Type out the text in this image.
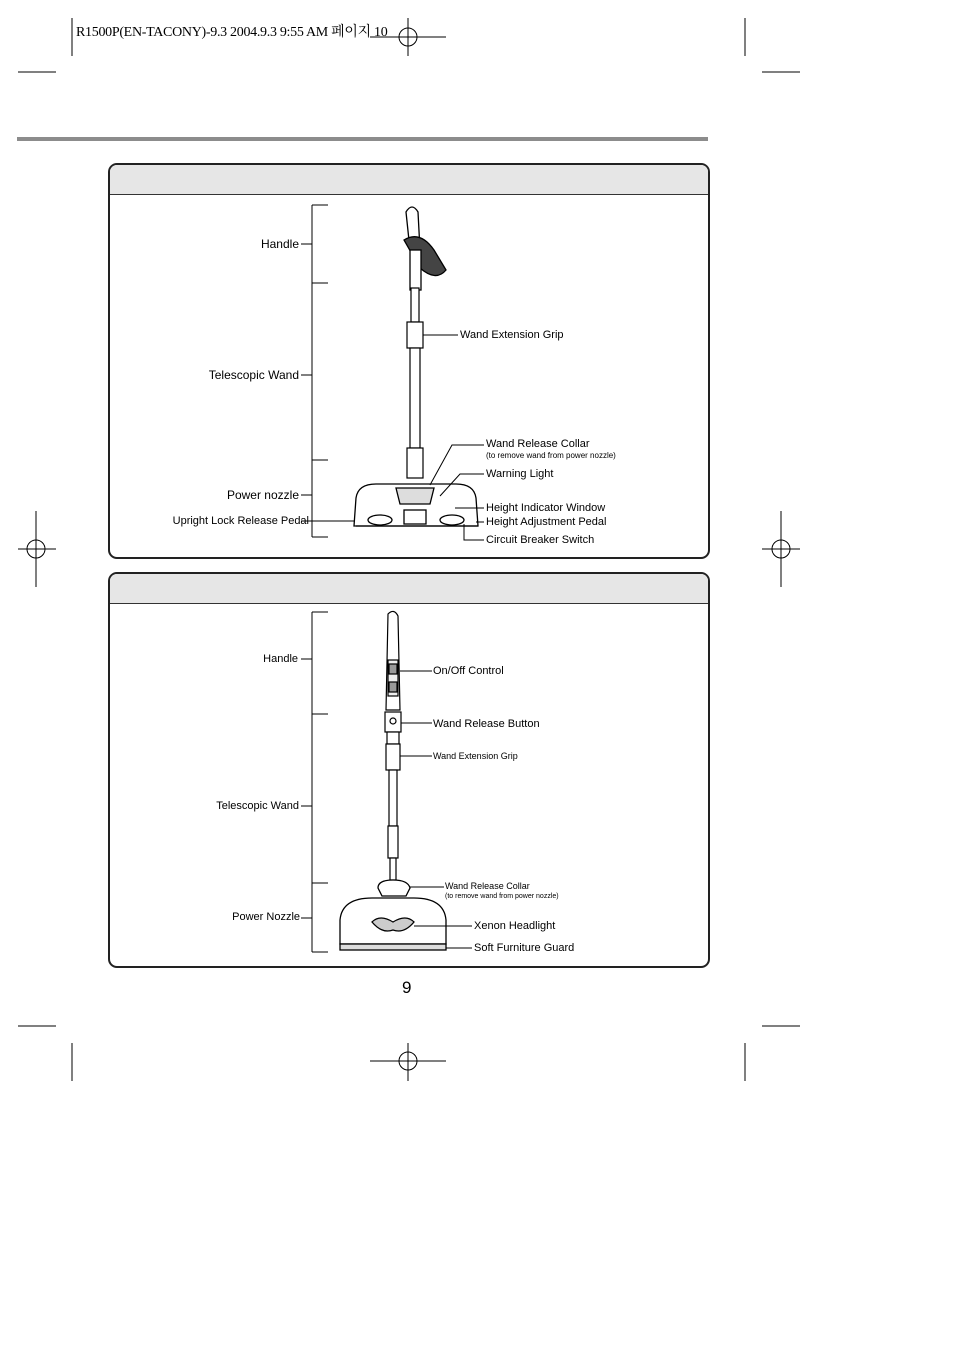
R1500P(EN-TACONY)-9.3 2004.9.3 9:55 AM 페이지 10
Handle
Telescopic Wand
Power nozzle
Upright Lock Release Pedal
Wand Extension Grip
Wand Release Collar
(to remove wand from power nozzle)
Warning Light
Height Indicator Window
Height Adjustment Pedal
Circuit Breaker Switch
Handle
Telescopic Wand
Power Nozzle
On/Off Control
Wand Release Button
Wand Extension Grip
Wand Release Collar
(to remove wand from power nozzle)
Xenon Headlight
Soft Furniture Guard
9
